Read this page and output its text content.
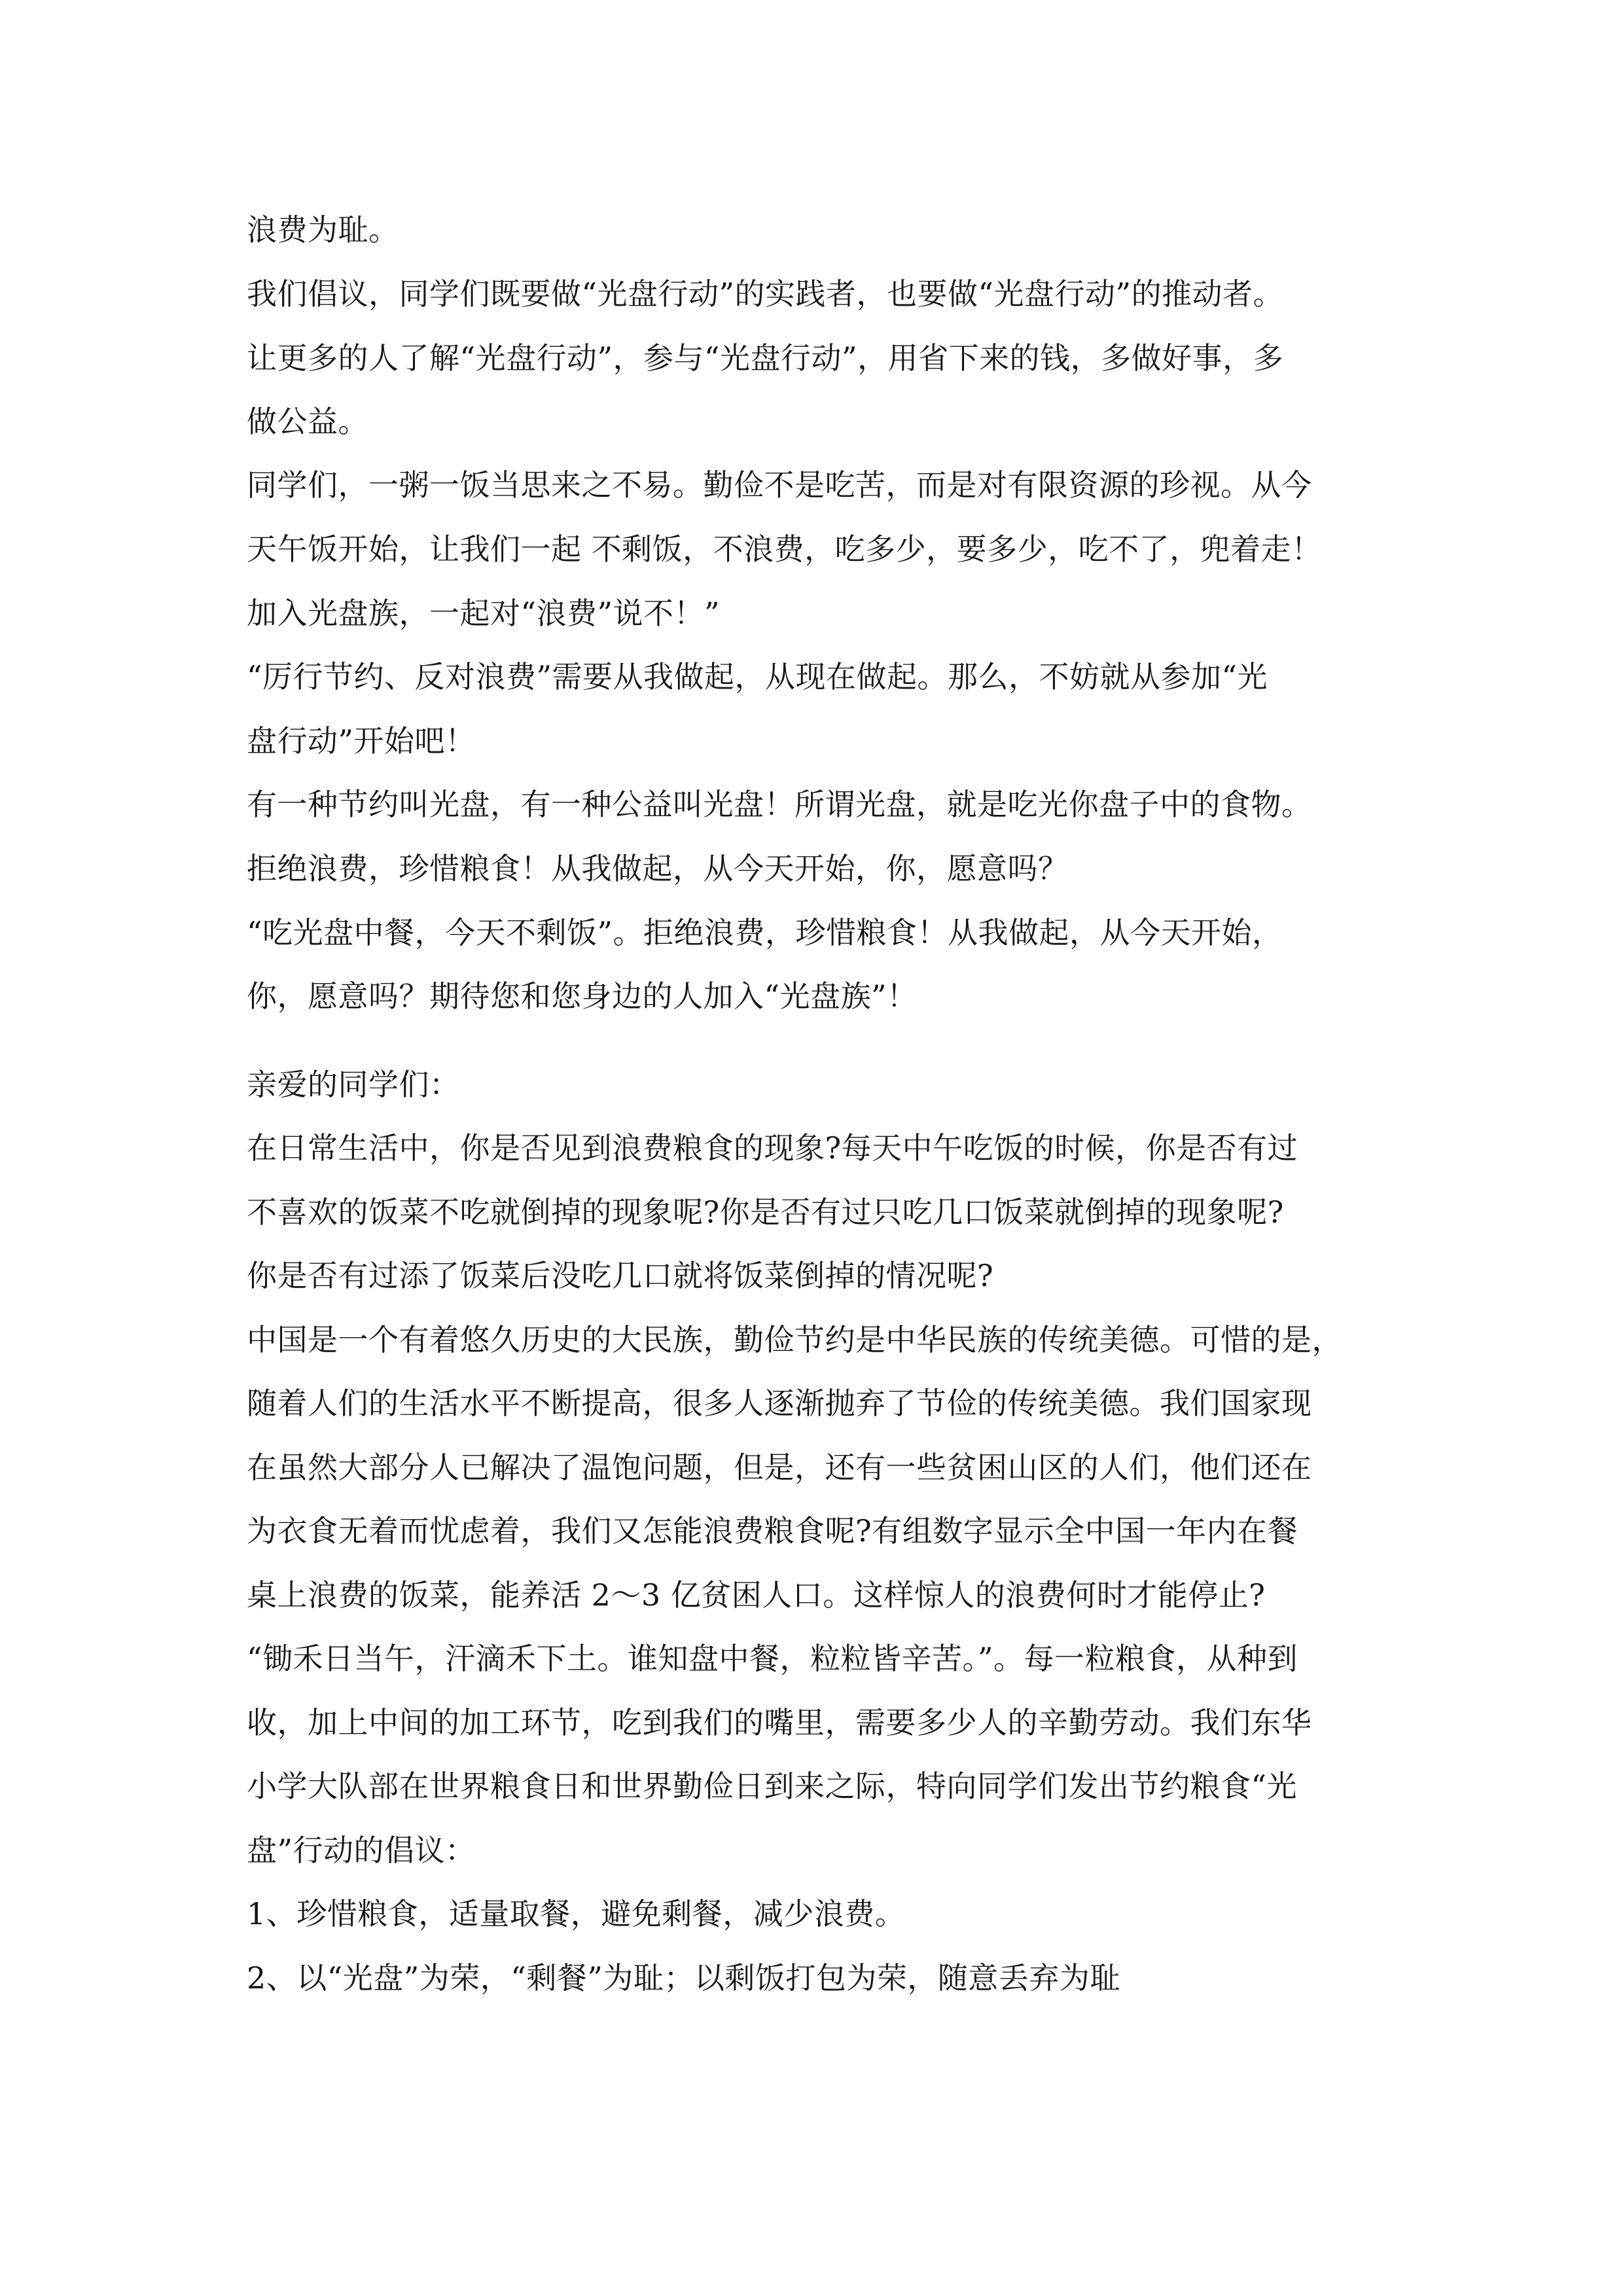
浪费为耻。
我们倡议，同学们既要做“光盘行动”的实践者，也要做“光盘行动”的推动者。
让更多的人了解“光盘行动”，参与“光盘行动”，用省下来的钱，多做好事，多
做公益。
同学们，一粥一饭当思来之不易。勤俭不是吃苦，而是对有限资源的珍视。从今
天午饭开始，让我们一起 不剩饭，不浪费，吃多少，要多少，吃不了，兜着走！
加入光盘族，一起对“浪费”说不！”
“厉行节约、反对浪费”需要从我做起，从现在做起。那么，不妨就从参加“光
盘行动”开始吧！
有一种节约叫光盘，有一种公益叫光盘！所谓光盘，就是吃光你盘子中的食物。
拒绝浪费，珍惜粮食！从我做起，从今天开始，你，愿意吗？
“吃光盘中餐，今天不剩饭”。拒绝浪费，珍惜粮食！从我做起，从今天开始，
你，愿意吗？期待您和您身边的人加入“光盘族”！
亲爱的同学们：
在日常生活中，你是否见到浪费粮食的现象?每天中午吃饭的时候，你是否有过
不喜欢的饭菜不吃就倒掉的现象呢?你是否有过只吃几口饭菜就倒掉的现象呢?
你是否有过添了饭菜后没吃几口就将饭菜倒掉的情况呢?
中国是一个有着悠久历史的大民族，勤俭节约是中华民族的传统美德。可惜的是，
随着人们的生活水平不断提高，很多人逐渐抛弃了节俭的传统美德。我们国家现
在虽然大部分人已解决了温饱问题，但是，还有一些贫困山区的人们，他们还在
为衣食无着而忧虑着，我们又怎能浪费粮食呢?有组数字显示全中国一年内在餐
桌上浪费的饭菜，能养活 2～3 亿贫困人口。这样惊人的浪费何时才能停止?
“锄禾日当午，汗滴禾下土。谁知盘中餐，粒粒皆辛苦。”。每一粒粮食，从种到
收，加上中间的加工环节，吃到我们的嘴里，需要多少人的辛勤劳动。我们东华
小学大队部在世界粮食日和世界勤俭日到来之际，特向同学们发出节约粮食“光
盘”行动的倡议：
1、珍惜粮食，适量取餐，避免剩餐，减少浪费。
2、以“光盘”为荣，“剩餐”为耻；以剩饭打包为荣，随意丢弃为耻
